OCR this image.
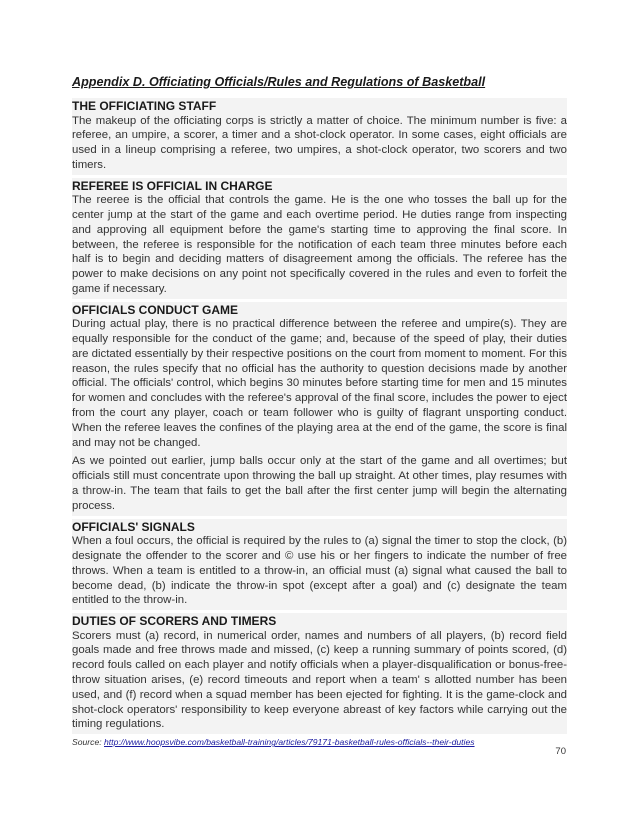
Appendix D. Officiating Officials/Rules and Regulations of Basketball
THE OFFICIATING STAFF
The makeup of the officiating corps is strictly a matter of choice. The minimum number is five: a referee, an umpire, a scorer, a timer and a shot-clock operator. In some cases, eight officials are used in a lineup comprising a referee, two umpires, a shot-clock operator, two scorers and two timers.
REFEREE IS OFFICIAL IN CHARGE
The reeree is the official that controls the game. He is the one who tosses the ball up for the center jump at the start of the game and each overtime period. He duties range from inspecting and approving all equipment before the game's starting time to approving the final score. In between, the referee is responsible for the notification of each team three minutes before each half is to begin and deciding matters of disagreement among the officials. The referee has the power to make decisions on any point not specifically covered in the rules and even to forfeit the game if necessary.
OFFICIALS CONDUCT GAME
During actual play, there is no practical difference between the referee and umpire(s). They are equally responsible for the conduct of the game; and, because of the speed of play, their duties are dictated essentially by their respective positions on the court from moment to moment. For this reason, the rules specify that no official has the authority to question decisions made by another official. The officials' control, which begins 30 minutes before starting time for men and 15 minutes for women and concludes with the referee's approval of the final score, includes the power to eject from the court any player, coach or team follower who is guilty of flagrant unsporting conduct. When the referee leaves the confines of the playing area at the end of the game, the score is final and may not be changed.
As we pointed out earlier, jump balls occur only at the start of the game and all overtimes; but officials still must concentrate upon throwing the ball up straight. At other times, play resumes with a throw-in. The team that fails to get the ball after the first center jump will begin the alternating process.
OFFICIALS' SIGNALS
When a foul occurs, the official is required by the rules to (a) signal the timer to stop the clock, (b) designate the offender to the scorer and © use his or her fingers to indicate the number of free throws. When a team is entitled to a throw-in, an official must (a) signal what caused the ball to become dead, (b) indicate the throw-in spot (except after a goal) and (c) designate the team entitled to the throw-in.
DUTIES OF SCORERS AND TIMERS
Scorers must (a) record, in numerical order, names and numbers of all players, (b) record field goals made and free throws made and missed, (c) keep a running summary of points scored, (d) record fouls called on each player and notify officials when a player-disqualification or bonus-free-throw situation arises, (e) record timeouts and report when a team' s allotted number has been used, and (f) record when a squad member has been ejected for fighting. It is the game-clock and shot-clock operators' responsibility to keep everyone abreast of key factors while carrying out the timing regulations.
Source: http://www.hoopsvibe.com/basketball-training/articles/79171-basketball-rules-officials--their-duties
70
